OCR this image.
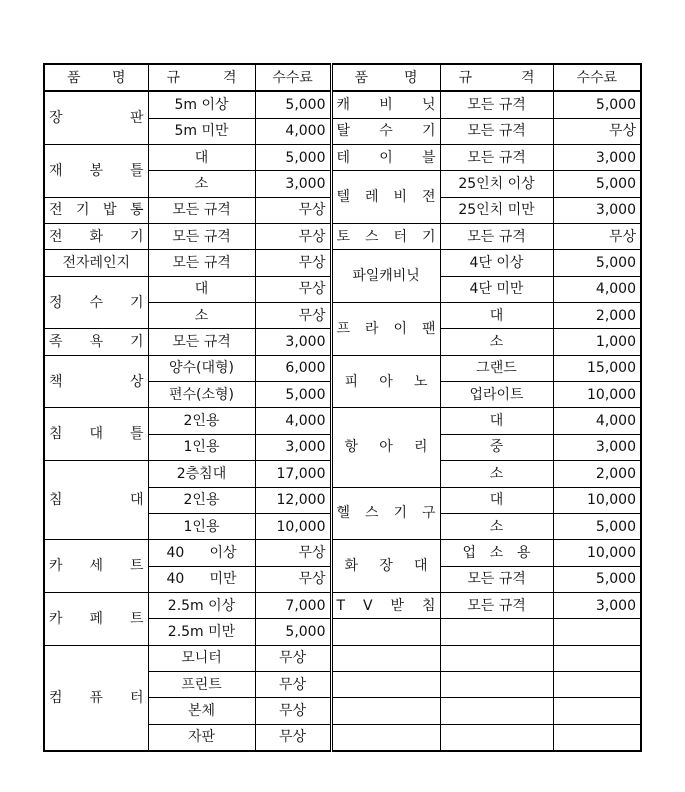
품 명	규 격	수수료	품 명	규 격	수수료

장 판	5m 이상	5,000	캐 비 닛	모든 규격	5,000
	5m 미만	4,000	탈 수 기	모든 규격	무상

재 봉 틀	대	5,000	테 이 블	모든 규격	3,000
	소	3,000	텔 레 비 젼	25인치 이상	5,000

전 기 밥 통	모든 규격	무상		25인치 미만	3,000

전 화 기	모든 규격	무상	토 스 터 기	모든 규격	무상
전자레인지	모든 규격	무상	파일캐비닛	4단 이상	5,000

정 수 기	대	무상		4단 미만	4,000
	소	무상	프 라 이 팬	대	2,000

족 욕 기	모든 규격	3,000		소	1,000

책 상	양수(대형)	6,000	피 아 노	그랜드	15,000
	편수(소형)	5,000		업라이트	10,000

침 대 틀	2인용	4,000	항 아 리	대	4,000
	1인용	3,000		중	3,000

침 대	2층침대	17,000		소	2,000
	2인용	12,000	헬 스 기 구	대	10,000
	1인용	10,000		소	5,000

카 세 트	40 이상	무상	화 장 대	업 소 용	10,000

	40 미만	무상		모든 규격	5,000

카 페 트	2.5m 이상	7,000	T V 받 침	모든 규격	3,000
	2.5m 미만	5,000			

컴 퓨 터	모니터	무상			
	프린트	무상			
	본체	무상			
	자판	무상			
